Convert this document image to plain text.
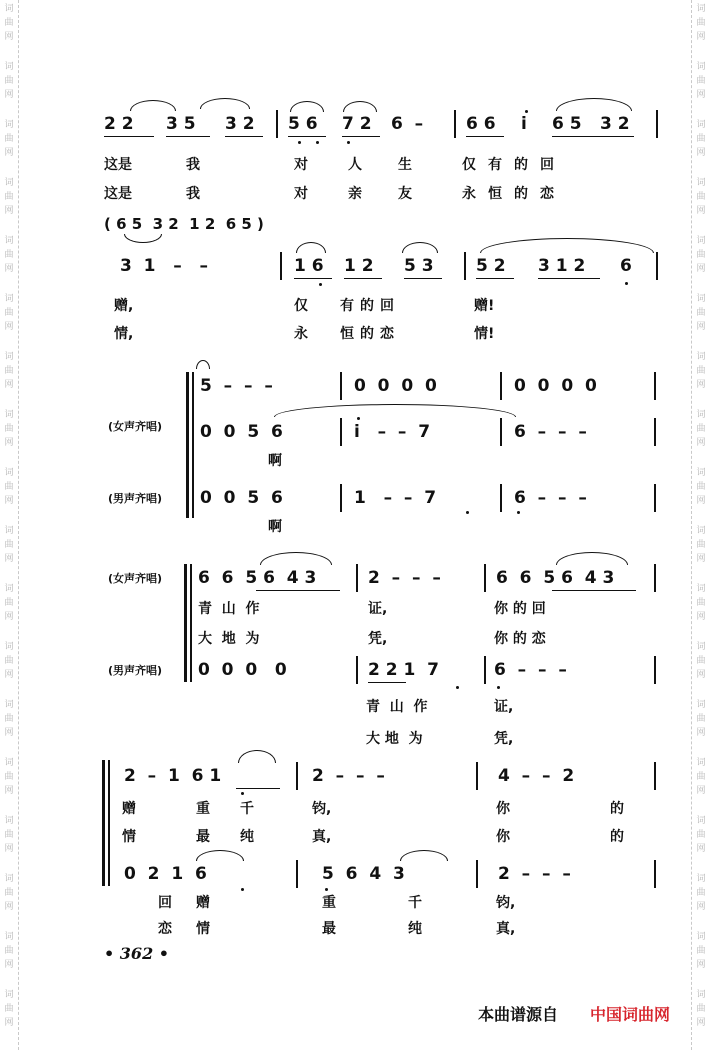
词
曲
网
词
曲
网
词
曲
网
词
曲
网
词
曲
网
词
曲
网
词
曲
网
词
曲
网
词
曲
网
词
曲
网
词
曲
网
词
曲
网
词
曲
网
词
曲
网
词
曲
网
词
曲
网
词
曲
网
词
曲
网
词
曲
网
词
曲
网
词
曲
网
词
曲
网
词
曲
网
词
曲
网
词
曲
网
词
曲
网
词
曲
网
词
曲
网
词
曲
网
词
曲
网
词
曲
网
词
曲
网
词
曲
网
词
曲
网
词
曲
网
词
曲
网
2 2 3 5 3 2 5 6 7 2 6  –	6 6 i 6 5 3 2
这是	我	对	人	生	仅有的回
这是	我	对	亲	友	永恒的恋
( 6 5  3 2  1 2  6 5 )
3  1   –   –	1 6 1 2 5 3 5 2 3 1 2 6
赠,	仅 有的回	赠!
情,	永 恒的恋	情!
5  –  –  –	0  0  0  0	0  0  0  0
(女声齐唱) 0  0  5  6	i   –  –  7	6  –  –  –
啊
(男声齐唱) 0  0  5  6	1   –  –  7	6  –  –  –
啊
(女声齐唱) 6  6  5 6  4 3	2  –  –  –	6  6  5 6  4 3
青  山  作	证,	你 的 回
大  地  为	凭,	你 的 恋
(男声齐唱) 0  0  0   0	2 2 1  7	6  –  –  –
青  山  作	证,
大 地  为	凭,
2  –  1  6 1	2  –  –  –	4  –  –  2
赠	重 千	钧,	你	的
情	最 纯	真,	你	的
0  2  1  6	5  6  4  3	2  –  –  –
回 赠	重	千	钧,
恋 情	最	纯	真,
• 362 •
本曲谱源自 中国词曲网
